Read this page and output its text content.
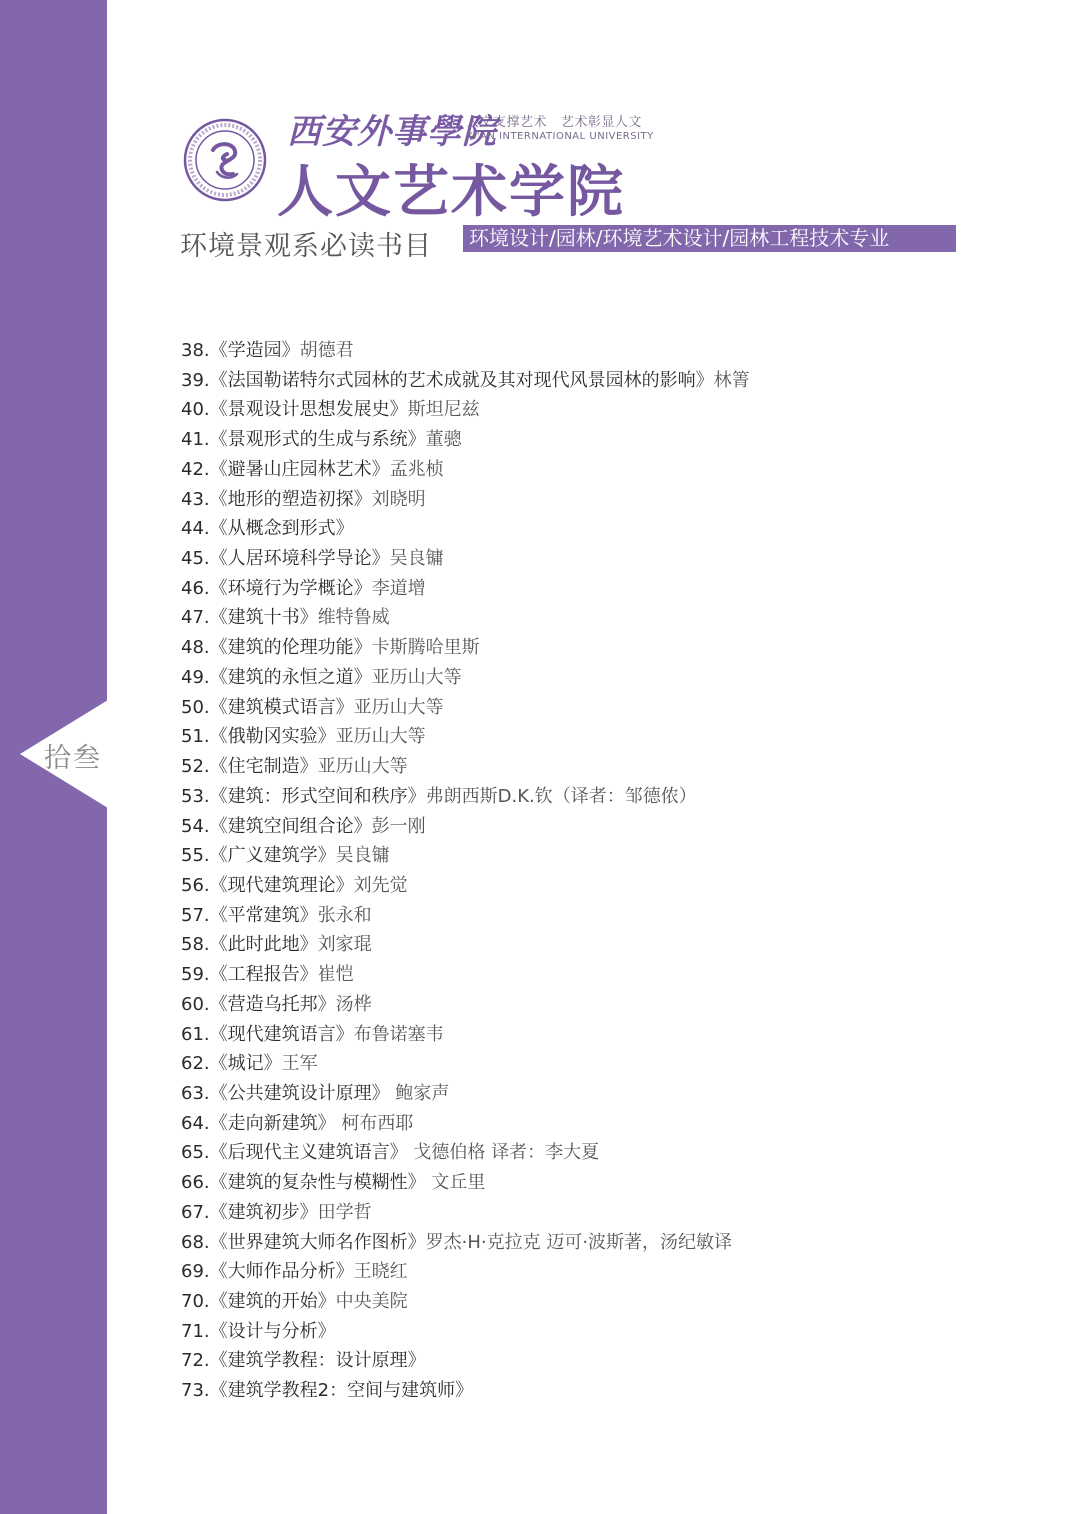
拾叁
西安外事學院
人文支撑艺术   艺术彰显人文
XI'AN INTERNATIONAL UNIVERSITY
人文艺术学院
环境景观系必读书目	环境设计/园林/环境艺术设计/园林工程技术专业
38.《学造园》胡德君
39.《法国勒诺特尔式园林的艺术成就及其对现代风景园林的影响》林箐
40.《景观设计思想发展史》斯坦尼兹
41.《景观形式的生成与系统》董骢
42.《避暑山庄园林艺术》孟兆桢
43.《地形的塑造初探》刘晓明
44.《从概念到形式》
45.《人居环境科学导论》吴良镛
46.《环境行为学概论》李道增
47.《建筑十书》维特鲁威
48.《建筑的伦理功能》卡斯腾哈里斯
49.《建筑的永恒之道》亚历山大等
50.《建筑模式语言》亚历山大等
51.《俄勒冈实验》亚历山大等
52.《住宅制造》亚历山大等
53.《建筑：形式空间和秩序》弗朗西斯D.K.钦（译者：邹德侬）
54.《建筑空间组合论》彭一刚
55.《广义建筑学》吴良镛
56.《现代建筑理论》刘先觉
57.《平常建筑》张永和
58.《此时此地》刘家琨
59.《工程报告》崔恺
60.《营造乌托邦》汤桦
61.《现代建筑语言》布鲁诺塞韦
62.《城记》王军
63.《公共建筑设计原理》 鲍家声
64.《走向新建筑》 柯布西耶
65.《后现代主义建筑语言》 戈德伯格 译者：李大夏
66.《建筑的复杂性与模糊性》 文丘里
67.《建筑初步》田学哲
68.《世界建筑大师名作图析》罗杰·H·克拉克 迈可·波斯著，汤纪敏译
69.《大师作品分析》王晓红
70.《建筑的开始》中央美院
71.《设计与分析》
72.《建筑学教程：设计原理》
73.《建筑学教程2：空间与建筑师》
